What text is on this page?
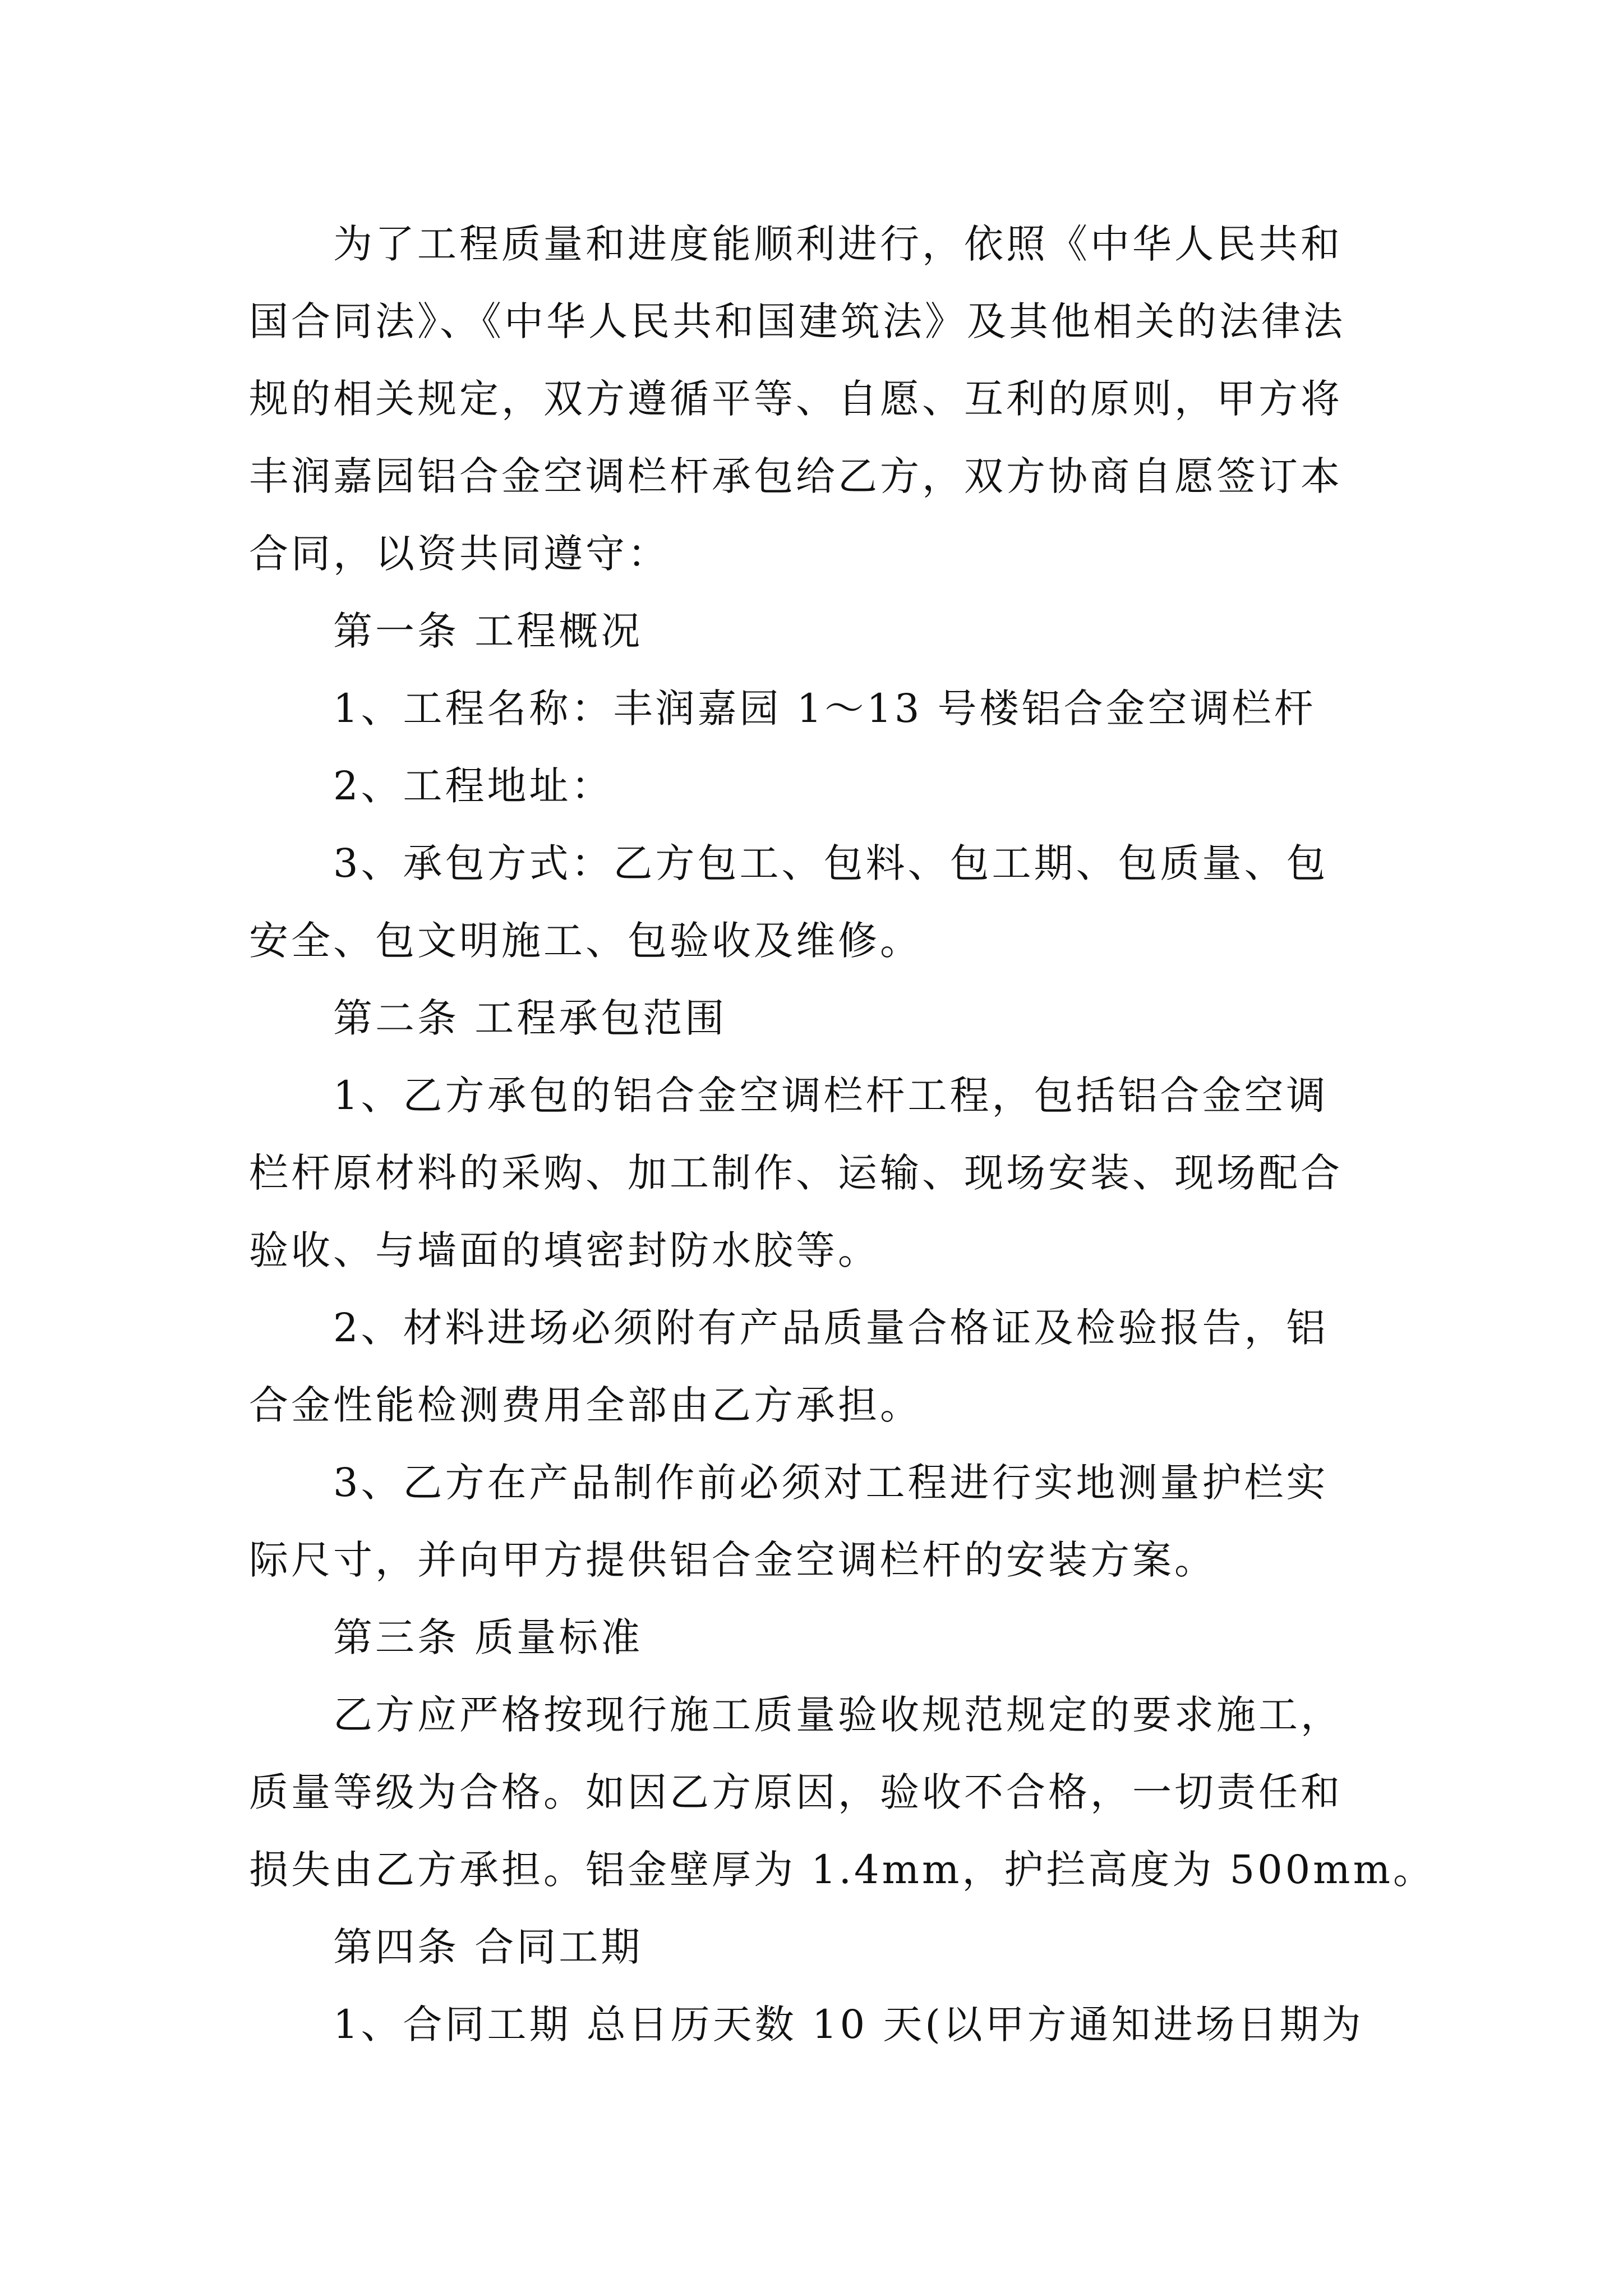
为了工程质量和进度能顺利进行，依照《中华人民共和
国合同法》、《中华人民共和国建筑法》及其他相关的法律法
规的相关规定，双方遵循平等、自愿、互利的原则，甲方将
丰润嘉园铝合金空调栏杆承包给乙方，双方协商自愿签订本
合同，以资共同遵守：
第一条 工程概况
1、工程名称：丰润嘉园 1～13 号楼铝合金空调栏杆
2、工程地址：
3、承包方式：乙方包工、包料、包工期、包质量、包
安全、包文明施工、包验收及维修。
第二条 工程承包范围
1、乙方承包的铝合金空调栏杆工程，包括铝合金空调
栏杆原材料的采购、加工制作、运输、现场安装、现场配合
验收、与墙面的填密封防水胶等。
2、材料进场必须附有产品质量合格证及检验报告，铝
合金性能检测费用全部由乙方承担。
3、乙方在产品制作前必须对工程进行实地测量护栏实
际尺寸，并向甲方提供铝合金空调栏杆的安装方案。
第三条 质量标准
乙方应严格按现行施工质量验收规范规定的要求施工，
质量等级为合格。如因乙方原因，验收不合格，一切责任和
损失由乙方承担。铝金壁厚为 1.4mm，护拦高度为 500mm。
第四条 合同工期
1、合同工期 总日历天数 10 天(以甲方通知进场日期为
